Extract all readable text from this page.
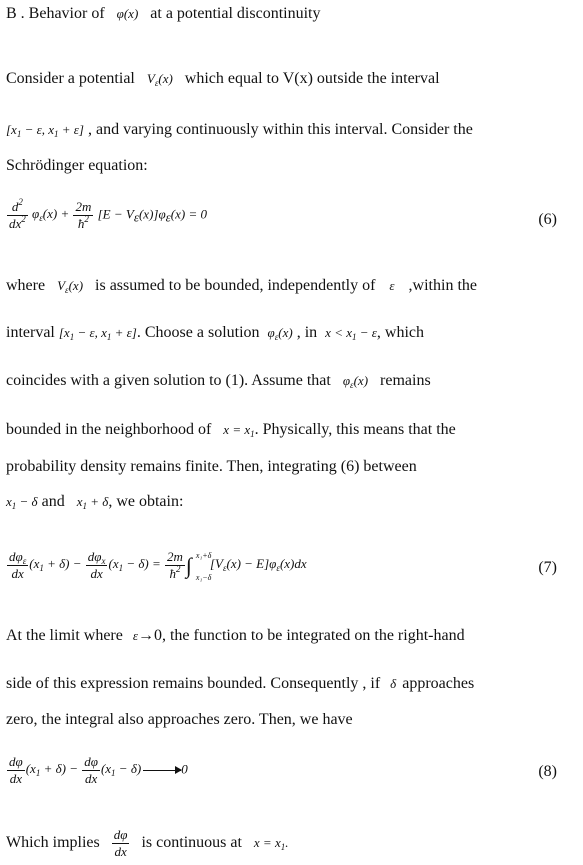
B . Behavior of φ(x) at a potential discontinuity
Consider a potential $V_\varepsilon(x)$ which equal to V(x) outside the interval
[$x_1 - \varepsilon$, $x_1 + \varepsilon$] , and varying continuously within this interval. Consider the
Schrödinger equation:
$\frac{d^2}{dx^2} \varphi_\varepsilon(x) + \frac{2m}{ħ^2} [E - V_\varepsilon(x)]\varphi_\varepsilon(x) = 0$	(6)
where $V_\varepsilon(x)$ is assumed to be bounded, independently of ε ,within the
interval [$x_1 - \varepsilon$, $x_1 + \varepsilon$]. Choose a solution $\varphi_\varepsilon(x)$ , in $x < x_1 - \varepsilon$, which
coincides with a given solution to (1). Assume that $\varphi_\varepsilon(x)$ remains
bounded in the neighborhood of $x = x_1$. Physically, this means that the
probability density remains finite. Then, integrating (6) between
$x_1 - \delta$ and $x_1 + \delta$, we obtain:
$\frac{d\varphi_\varepsilon}{dx} (x_1 + \delta) - \frac{d\varphi_x}{dx} (x_1 - \delta) = \frac{2m}{ħ^2}$ ∫ x₁+δ
x₁−δ
$[V_\varepsilon(x) - E]\varphi_\varepsilon(x)dx$	(7)
At the limit where ε→0, the function to be integrated on the right-hand
side of this expression remains bounded. Consequently , if δ approaches
zero, the integral also approaches zero. Then, we have
$\frac{d\varphi}{dx} (x_1 + \delta) - \frac{d\varphi}{dx} (x_1 - \delta)$	0	(8)
Which implies $\frac{d\varphi}{dx}$ is continuous at $x = x_1$.
